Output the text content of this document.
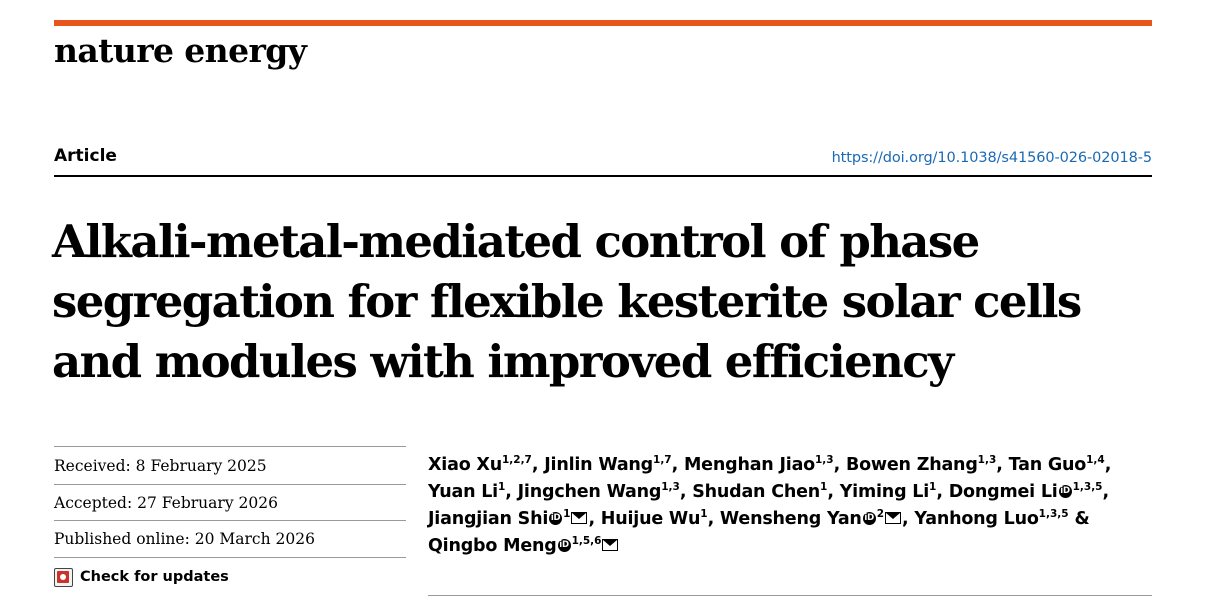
nature energy
Article	https://doi.org/10.1038/s41560-026-02018-5
Alkali-metal-mediated control of phase segregation for flexible kesterite solar cells and modules with improved efficiency
Received: 8 February 2025
Accepted: 27 February 2026
Published online: 20 March 2026
Check for updates
Xiao Xu$^{1,2,7}$, Jinlin Wang$^{1,7}$, Menghan Jiao$^{1,3}$, Bowen Zhang$^{1,3}$, Tan Guo$^{1,4}$, Yuan Li$^1$, Jingchen Wang$^{1,3}$, Shudan Chen$^1$, Yiming Li$^1$, Dongmei Li iD $^{1,3,5}$, Jiangjian Shi iD $^1$ , Huijue Wu$^1$, Wensheng YaniD $^2$ , Yanhong Luo$^{1,3,5}$ & Qingbo Meng iD $^{1,5,6}$
